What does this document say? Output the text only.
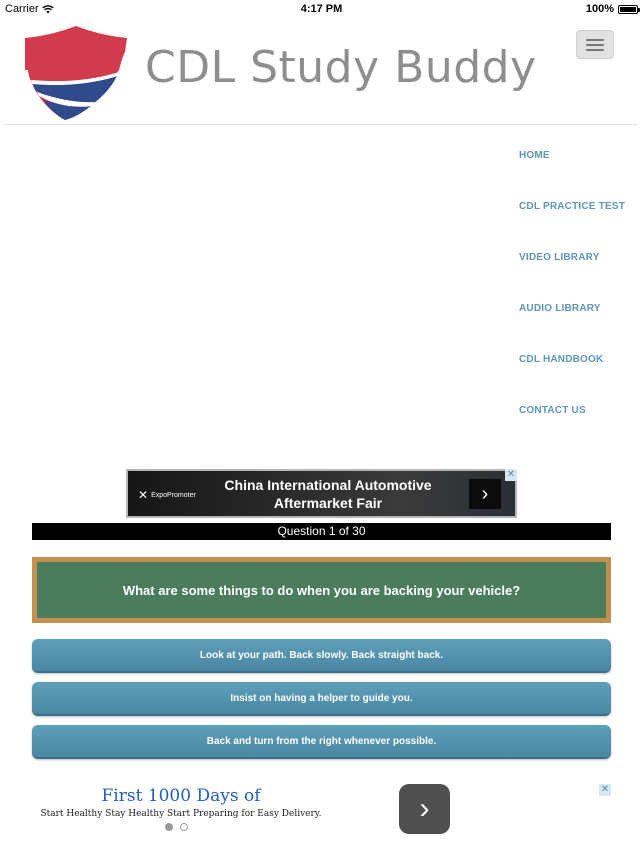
Carrier	4:17 PM	100%
CDL Study Buddy
HOME
CDL PRACTICE TEST
VIDEO LIBRARY
AUDIO LIBRARY
CDL HANDBOOK
CONTACT US
✕ ExpoPromoter
China International Automotive
Aftermarket Fair	›
✕
Question 1 of 30
What are some things to do when you are backing your vehicle?
Look at your path. Back slowly. Back straight back.
Insist on having a helper to guide you.
Back and turn from the right whenever possible.
First 1000 Days of
Start Healthy Stay Healthy Start Preparing for Easy Delivery.	›
✕
